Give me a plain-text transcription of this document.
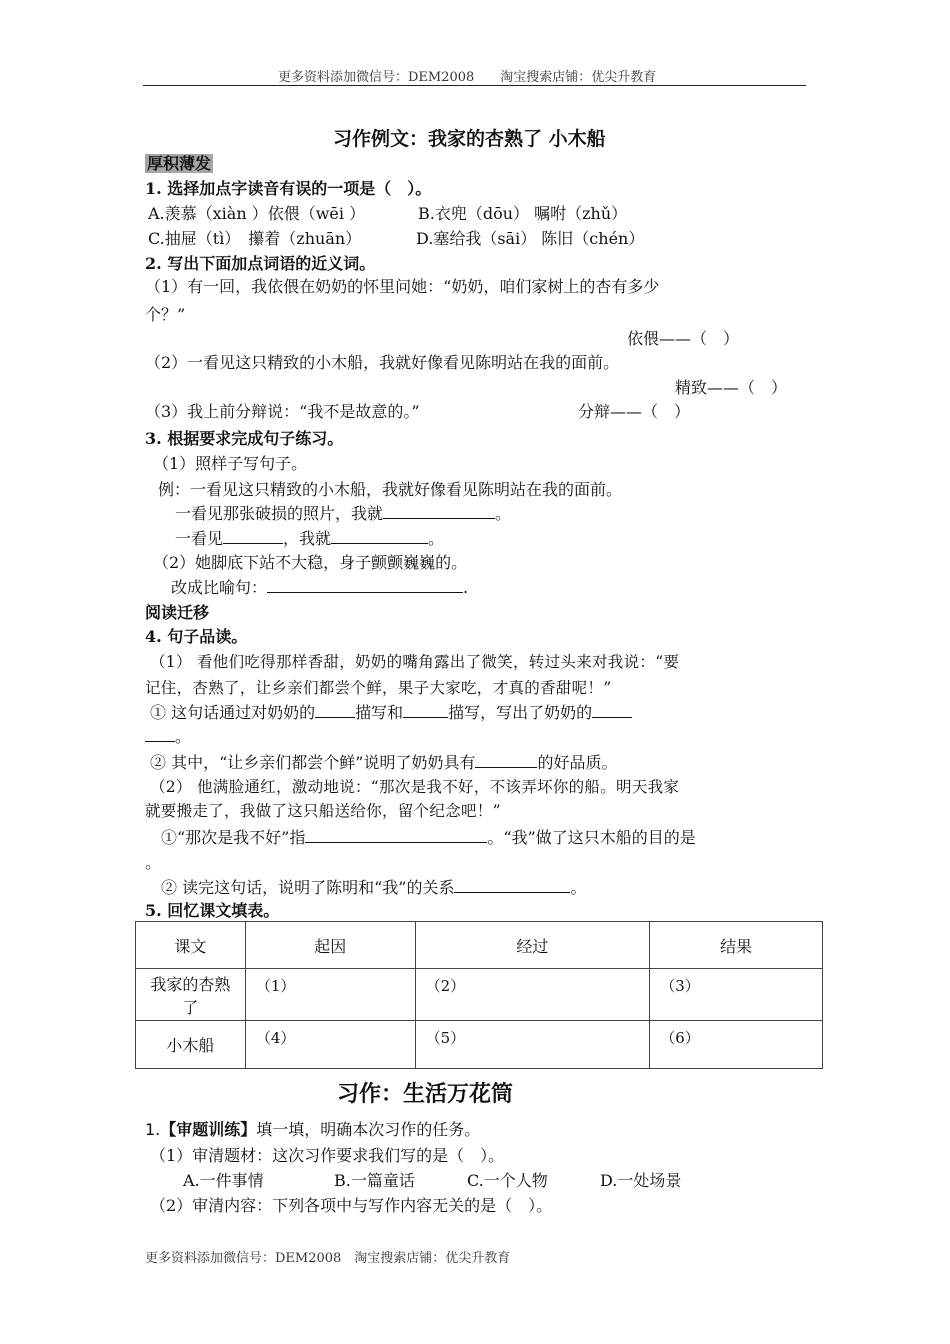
更多资料添加微信号：DEM2008　　淘宝搜索店铺：优尖升教育
习作例文：我家的杏熟了 小木船
厚积薄发
1. 选择加点字读音有误的一项是（　）。
A.羡慕（xiàn ）依偎（wēi ）	B.衣兜（dōu） 嘱咐（zhǔ）
C.抽屉（tì）　攥着（zhuān）	D.塞给我（sāi） 陈旧（chén）
2. 写出下面加点词语的近义词。
（1）有一回，我依偎在奶奶的怀里问她：“奶奶，咱们家树上的杏有多少
个？”
依偎——（　）
（2）一看见这只精致的小木船，我就好像看见陈明站在我的面前。
精致——（　）
（3）我上前分辩说：“我不是故意的。”	分辩——（　）
3. 根据要求完成句子练习。
（1）照样子写句子。
例：一看见这只精致的小木船，我就好像看见陈明站在我的面前。
一看见那张破损的照片，我就	。
一看见	，我就	。
（2）她脚底下站不大稳，身子颤颤巍巍的。
改成比喻句：	.
阅读迁移
4. 句子品读。
（1） 看他们吃得那样香甜，奶奶的嘴角露出了微笑，转过头来对我说：“要
记住，杏熟了，让乡亲们都尝个鲜，果子大家吃，才真的香甜呢！”
① 这句话通过对奶奶的	描写和	描写，写出了奶奶的
。
② 其中，“让乡亲们都尝个鲜”说明了奶奶具有	的好品质。
（2） 他满脸通红，激动地说：“那次是我不好，不该弄坏你的船。明天我家
就要搬走了，我做了这只船送给你，留个纪念吧！”
①“那次是我不好”指	。“我”做了这只木船的目的是
。
② 读完这句话，说明了陈明和“我”的关系	。
5. 回忆课文填表。
课文	起因	经过	结果
我家的杏熟了	（1）	（2）	（3）
小木船	（4）	（5）	（6）
习作：生活万花筒
1.【审题训练】填一填，明确本次习作的任务。
（1）审清题材：这次习作要求我们写的是（　）。
A.一件事情	B.一篇童话	C.一个人物	D.一处场景
（2）审清内容：下列各项中与写作内容无关的是（　）。
更多资料添加微信号：DEM2008　淘宝搜索店铺：优尖升教育
